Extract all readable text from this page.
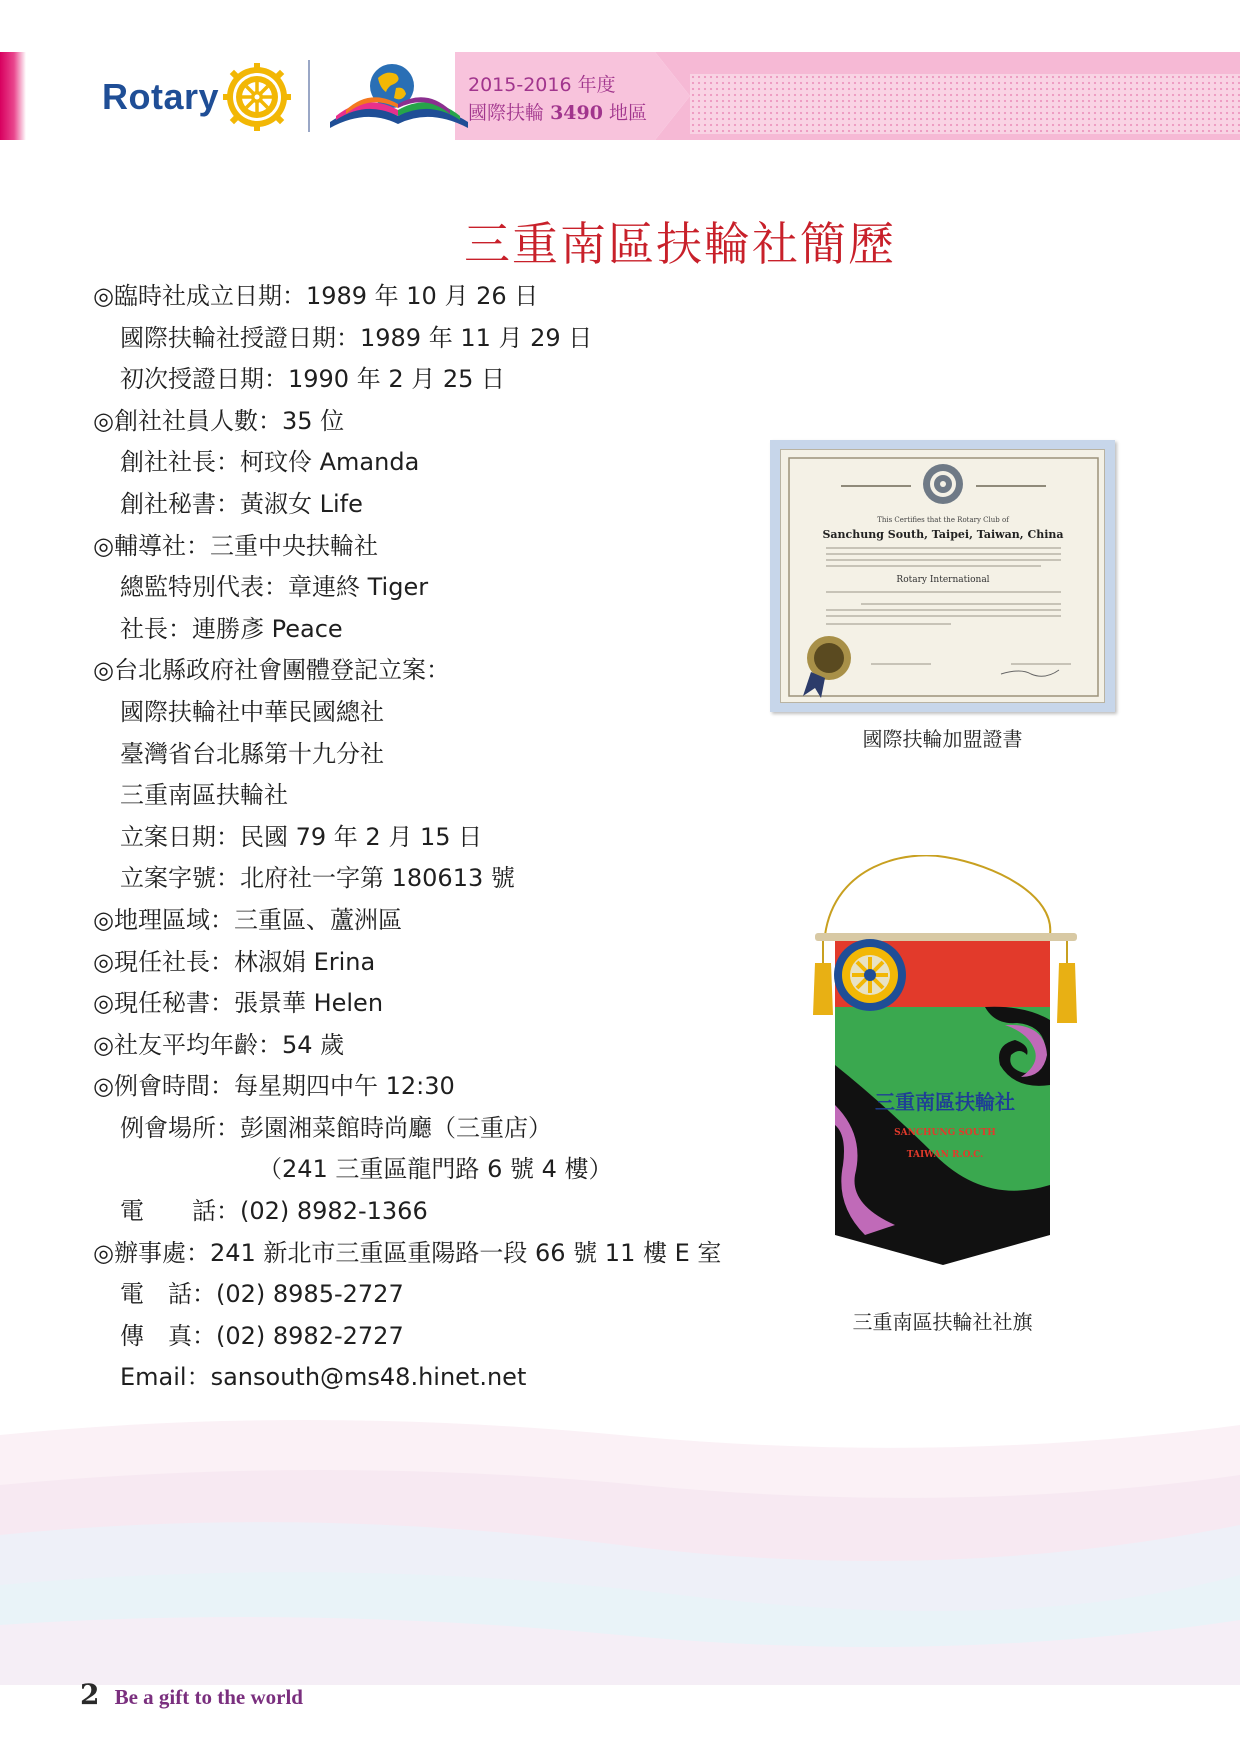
Rotary	2015-2016 年度
國際扶輪 3490 地區
三重南區扶輪社簡歷
◎臨時社成立日期：1989 年 10 月 26 日
國際扶輪社授證日期：1989 年 11 月 29 日
初次授證日期：1990 年 2 月 25 日
◎創社社員人數：35 位
創社社長：柯玟伶 Amanda
創社秘書：黃淑女 Life
◎輔導社：三重中央扶輪社
總監特別代表：章連終 Tiger
社長：連勝彥 Peace
◎台北縣政府社會團體登記立案：
國際扶輪社中華民國總社
臺灣省台北縣第十九分社
三重南區扶輪社
立案日期：民國 79 年 2 月 15 日
立案字號：北府社一字第 180613 號
◎地理區域：三重區、蘆洲區
◎現任社長：林淑娟 Erina
◎現任秘書：張景華 Helen
◎社友平均年齡：54 歲
◎例會時間：每星期四中午 12:30
例會場所：彭園湘菜館時尚廳（三重店）
（241 三重區龍門路 6 號 4 樓）
電　　話：(02) 8982-1366
◎辦事處：241 新北市三重區重陽路一段 66 號 11 樓 E 室
電　話：(02) 8985-2727
傳　真：(02) 8982-2727
Email：sansouth@ms48.hinet.net
This Certifies that the Rotary Club of
Sanchung South, Taipei, Taiwan, China
Rotary International
國際扶輪加盟證書
三重南區扶輪社
SANCHUNG SOUTH
TAIWAN R.O.C.
三重南區扶輪社社旗
2 Be a gift to the world
